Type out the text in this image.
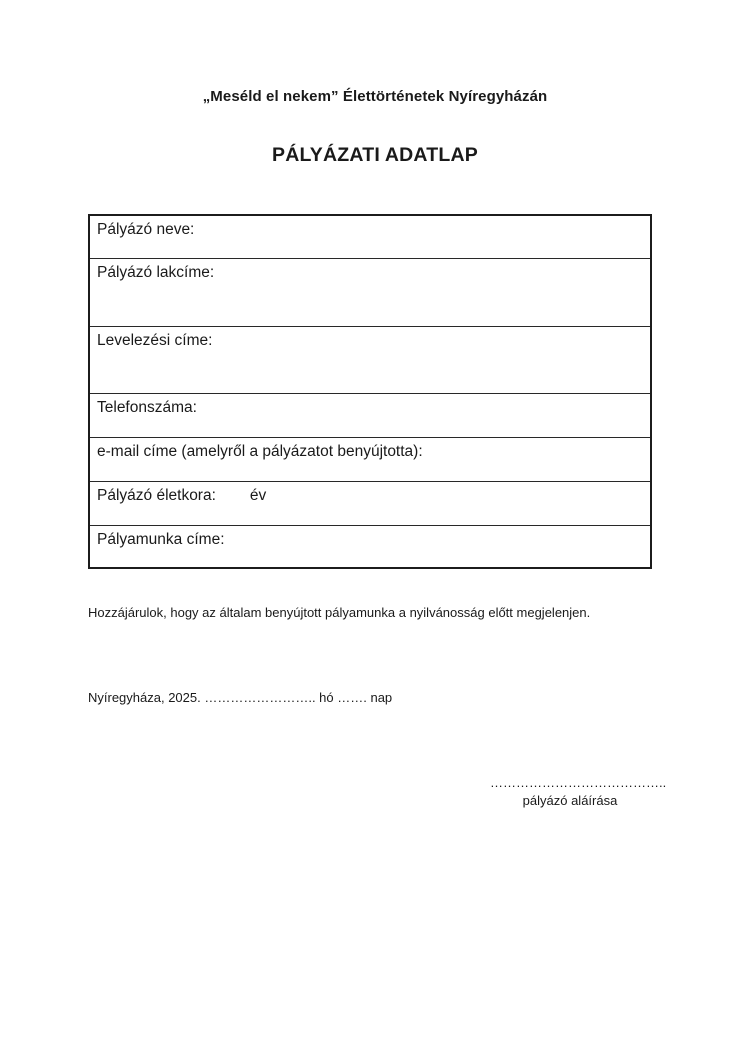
„Meséld el nekem” Élettörténetek Nyíregyházán
PÁLYÁZATI ADATLAP
Pályázó neve:
Pályázó lakcíme:
Levelezési címe:
Telefonszáma:
e-mail címe (amelyről a pályázatot benyújtotta):
Pályázó életkora: év
Pályamunka címe:
Hozzájárulok, hogy az általam benyújtott pályamunka a nyilvánosság előtt megjelenjen.
Nyíregyháza, 2025. …………………….. hó ……. nap
…………………………………..
pályázó aláírása
